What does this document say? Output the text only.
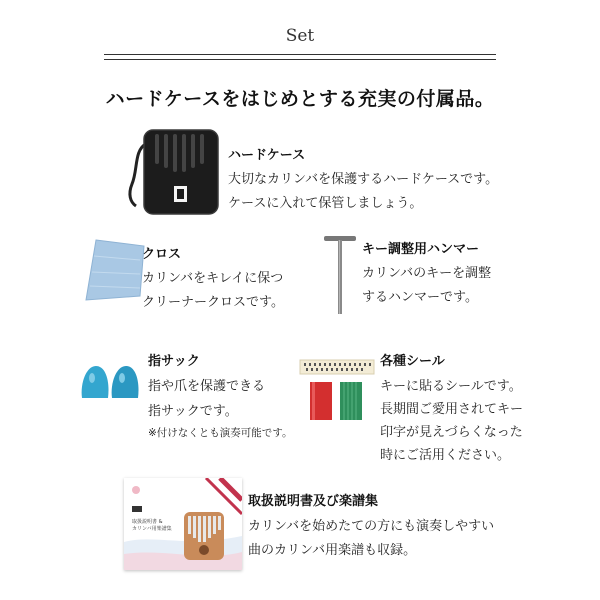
Set
ハードケースをはじめとする充実の付属品。
ハードケース
大切なカリンバを保護するハードケースです。
ケースに入れて保管しましょう。
クロス
カリンバをキレイに保つ
クリーナークロスです。
キー調整用ハンマー
カリンバのキーを調整
するハンマーです。
指サック
指や爪を保護できる
指サックです。
※付けなくとも演奏可能です。
各種シール
キーに貼るシールです。
長期間ご愛用されてキー
印字が見えづらくなった
時にご活用ください。
取扱説明書 &
カリンバ用楽譜集
取扱説明書及び楽譜集
カリンバを始めたての方にも演奏しやすい
曲のカリンバ用楽譜も収録。
